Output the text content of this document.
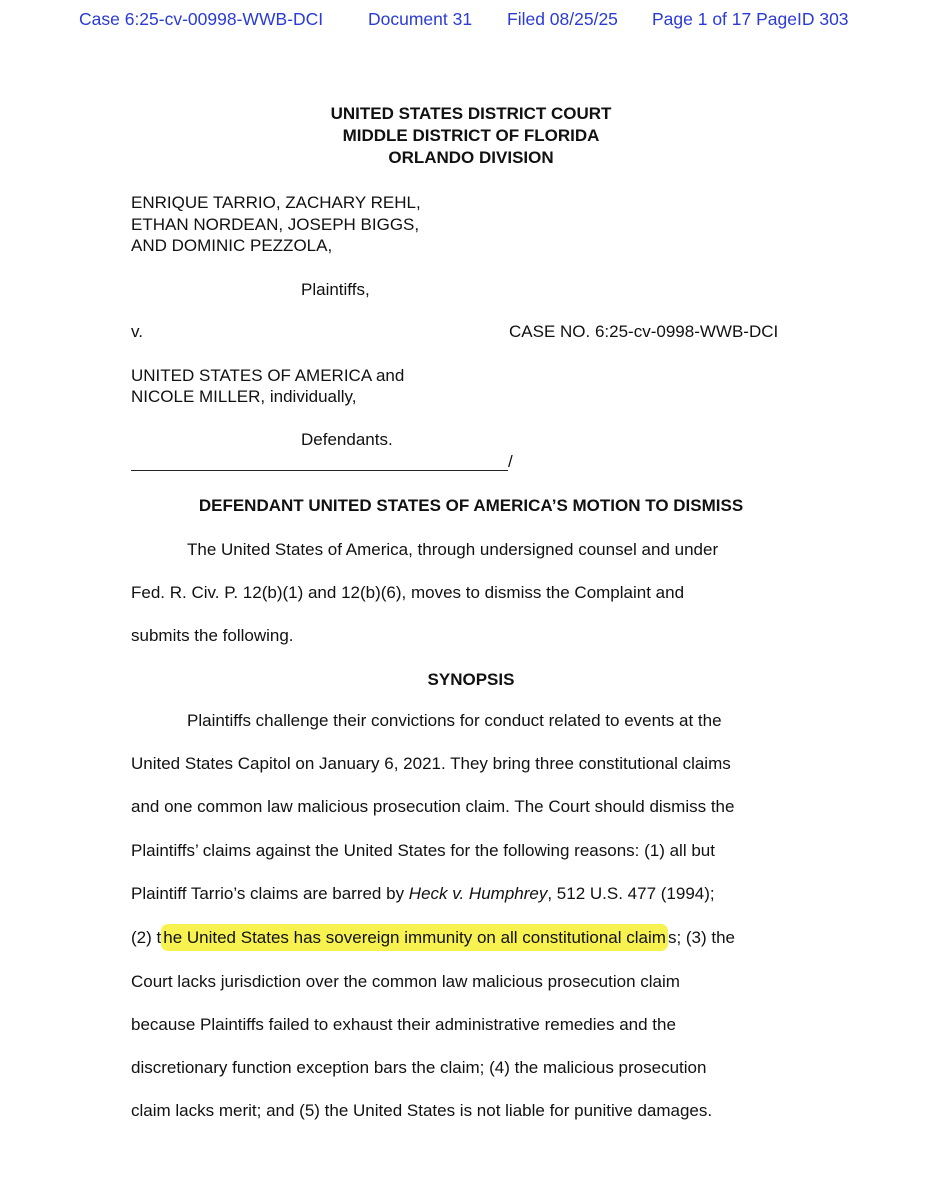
Case 6:25-cv-00998-WWB-DCI	Document 31 Filed 08/25/25 Page 1 of 17 PageID 303
UNITED STATES DISTRICT COURT
MIDDLE DISTRICT OF FLORIDA
ORLANDO DIVISION
ENRIQUE TARRIO, ZACHARY REHL,
ETHAN NORDEAN, JOSEPH BIGGS,
AND DOMINIC PEZZOLA,
Plaintiffs,
v.	CASE NO. 6:25-cv-0998-WWB-DCI
UNITED STATES OF AMERICA and
NICOLE MILLER, individually,
Defendants.
/
DEFENDANT UNITED STATES OF AMERICA’S MOTION TO DISMISS
The United States of America, through undersigned counsel and under
Fed. R. Civ. P. 12(b)(1) and 12(b)(6), moves to dismiss the Complaint and
submits the following.
SYNOPSIS
Plaintiffs challenge their convictions for conduct related to events at the
United States Capitol on January 6, 2021. They bring three constitutional claims
and one common law malicious prosecution claim. The Court should dismiss the
Plaintiffs’ claims against the United States for the following reasons: (1) all but
Plaintiff Tarrio’s claims are barred by Heck v. Humphrey, 512 U.S. 477 (1994);
(2) t he United States has sovereign immunity on all constitutional claim s; (3) the
Court lacks jurisdiction over the common law malicious prosecution claim
because Plaintiffs failed to exhaust their administrative remedies and the
discretionary function exception bars the claim; (4) the malicious prosecution
claim lacks merit; and (5) the United States is not liable for punitive damages.
